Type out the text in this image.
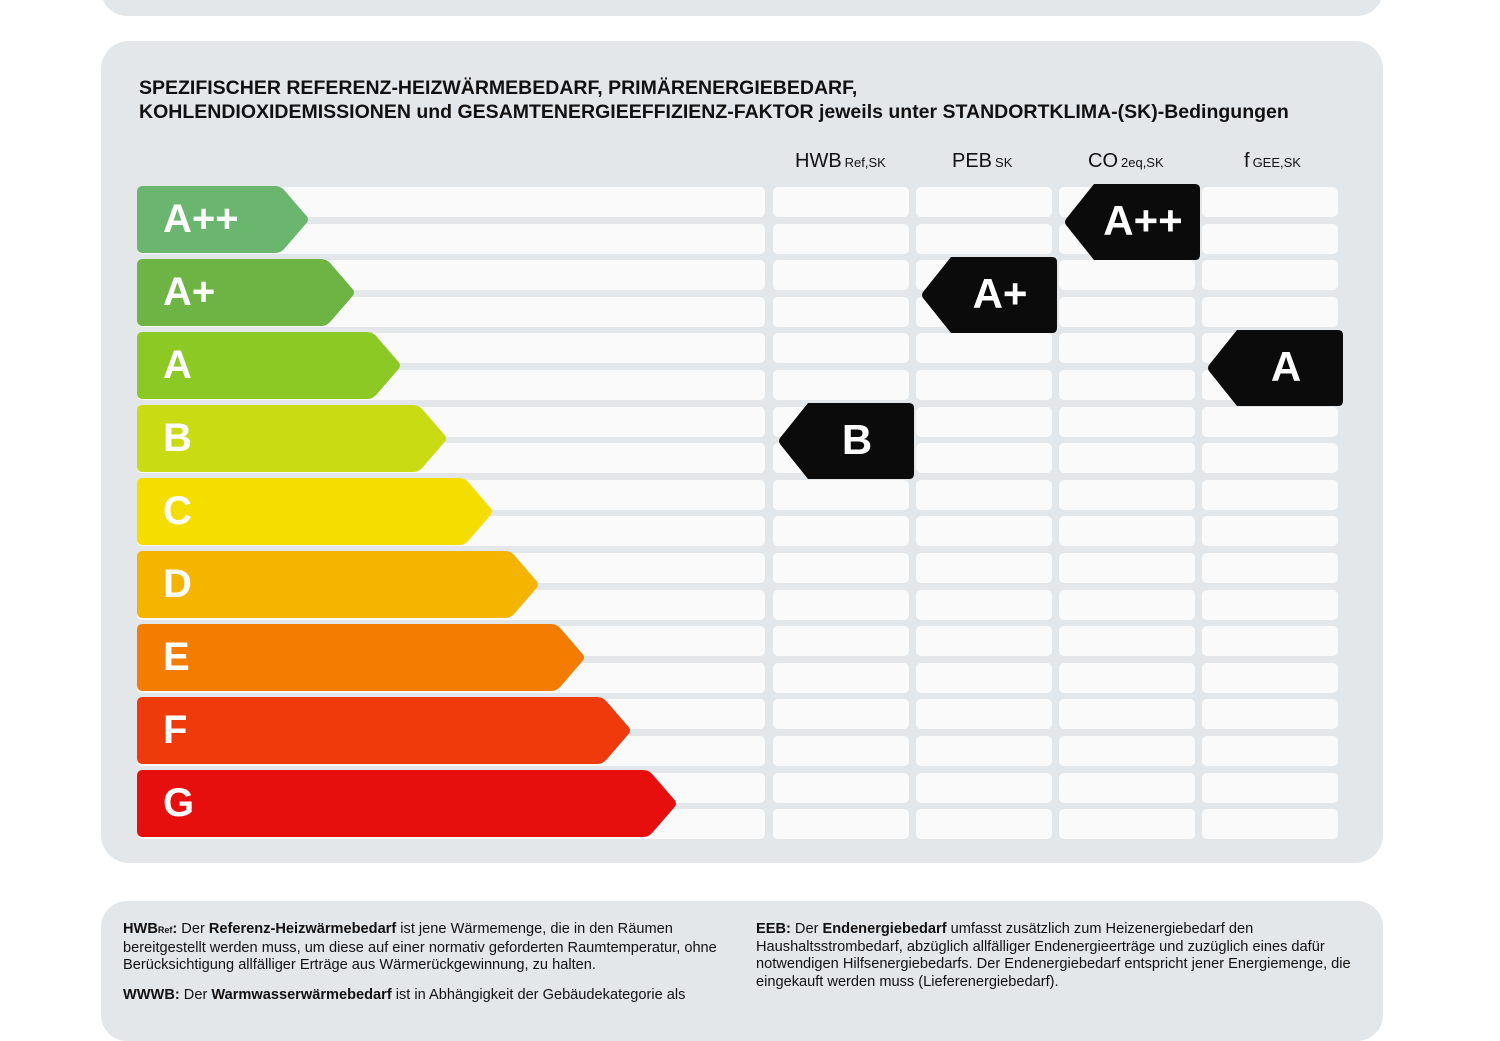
SPEZIFISCHER REFERENZ-HEIZWÄRMEBEDARF, PRIMÄRENERGIEBEDARF,
KOHLENDIOXIDEMISSIONEN und GESAMTENERGIEEFFIZIENZ-FAKTOR jeweils unter STANDORTKLIMA-(SK)-Bedingungen
HWB Ref,SK	PEB SK	CO 2eq,SK	fGEE,SK
A++
A+
A
B
C
D
E
F
G
B
A+
A++
A

HWBRef: Der Referenz-Heizwärmebedarf ist jene Wärmemenge, die in den Räumen bereitgestellt werden muss, um diese auf einer normativ geforderten Raumtemperatur, ohne Berücksichtigung allfälliger Erträge aus Wärmerückgewinnung, zu halten.

WWWB: Der Warmwasserwärmebedarf ist in Abhängigkeit der Gebäudekategorie als

EEB: Der Endenergiebedarf umfasst zusätzlich zum Heizenergiebedarf den Haushaltsstrombedarf, abzüglich allfälliger Endenergieerträge und zuzüglich eines dafür notwendigen Hilfsenergiebedarfs. Der Endenergiebedarf entspricht jener Energiemenge, die eingekauft werden muss (Lieferenergiebedarf).
